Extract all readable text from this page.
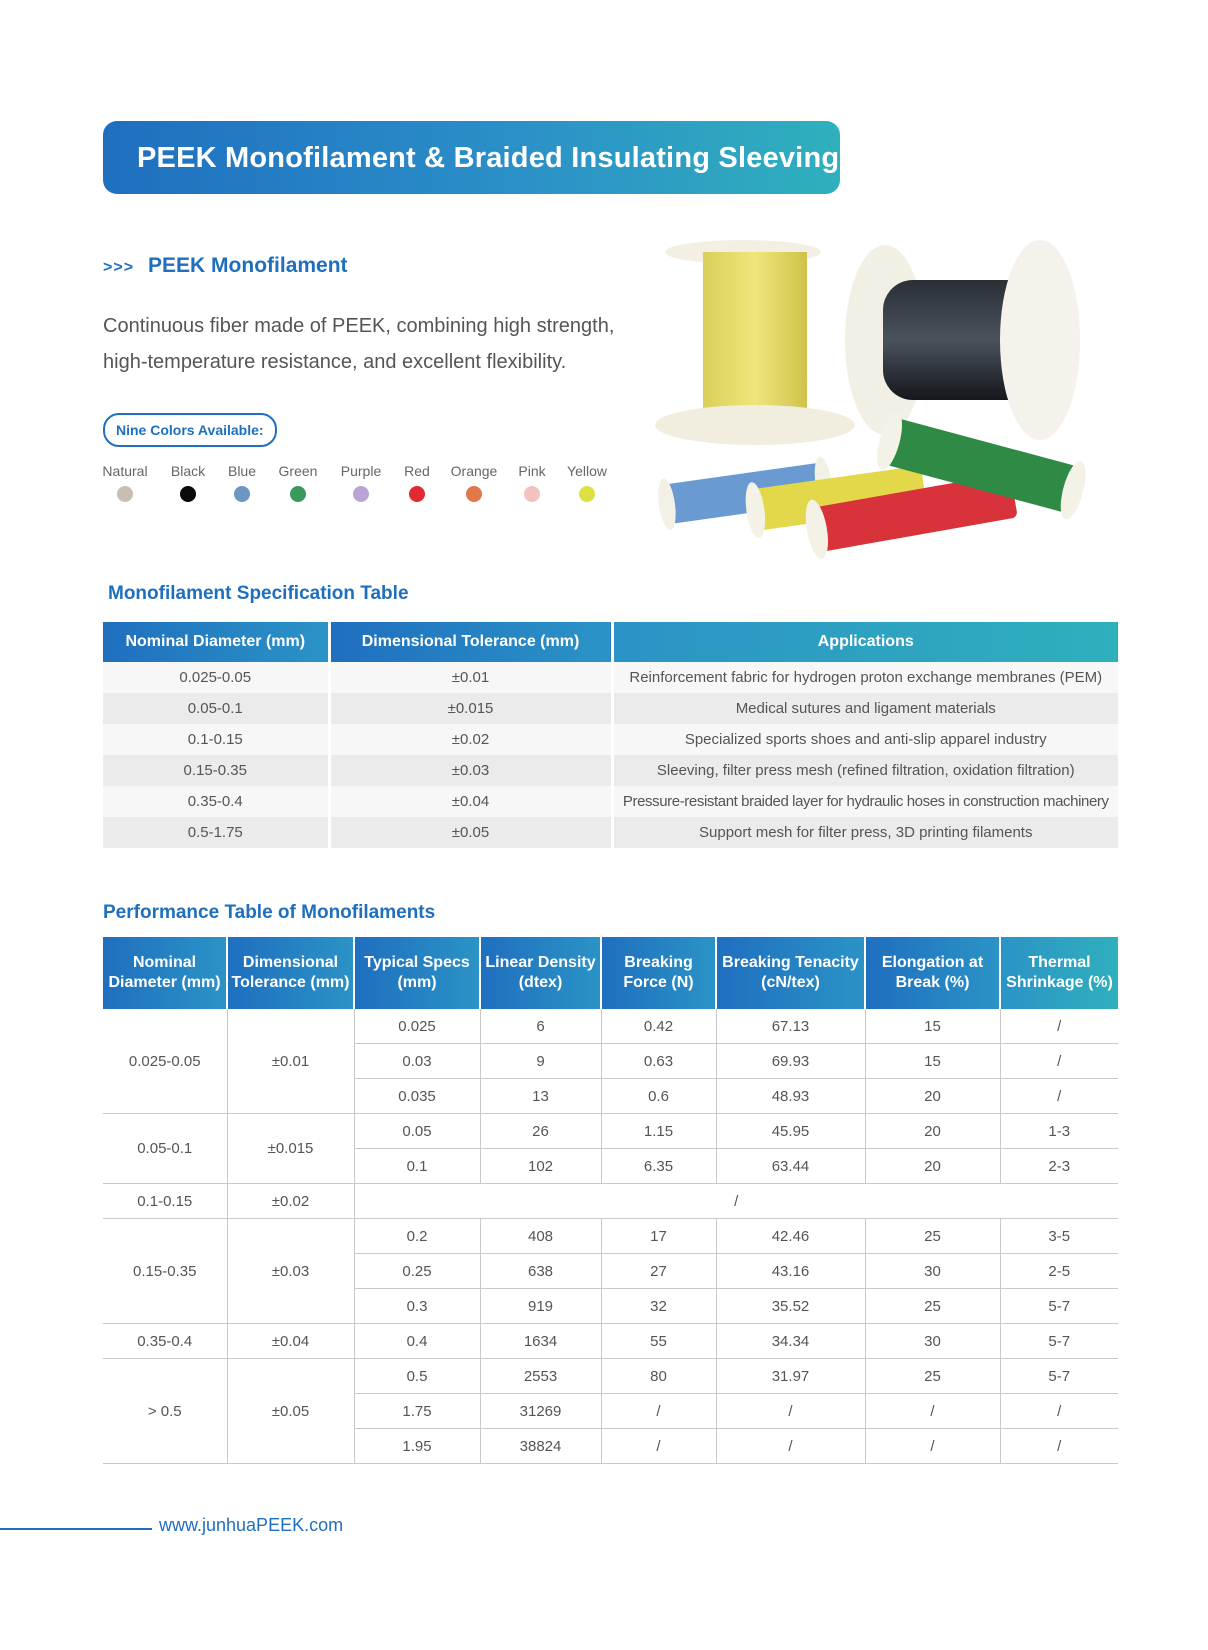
PEEK Monofilament & Braided Insulating Sleeving
>>> PEEK Monofilament
Continuous fiber made of PEEK, combining high strength, high-temperature resistance, and excellent flexibility.
Nine Colors Available:
Natural	Black	Blue	Green	Purple	Red	Orange	Pink	Yellow
Monofilament Specification Table
Nominal Diameter (mm)	Dimensional Tolerance (mm)	Applications
0.025-0.05	±0.01	Reinforcement fabric for hydrogen proton exchange membranes (PEM)
0.05-0.1	±0.015	Medical sutures and ligament materials
0.1-0.15	±0.02	Specialized sports shoes and anti-slip apparel industry
0.15-0.35	±0.03	Sleeving, filter press mesh (refined filtration, oxidation filtration)
0.35-0.4	±0.04	Pressure-resistant braided layer for hydraulic hoses in construction machinery
0.5-1.75	±0.05	Support mesh for filter press, 3D printing filaments
Performance Table of Monofilaments
Nominal Diameter (mm)	Dimensional Tolerance (mm)	Typical Specs (mm)	Linear Density (dtex)	Breaking Force (N)	Breaking Tenacity (cN/tex)	Elongation at Break (%)	Thermal Shrinkage (%)
0.025-0.05	±0.01	0.025	6	0.42	67.13	15	/
		0.03	9	0.63	69.93	15	/
		0.035	13	0.6	48.93	20	/
0.05-0.1	±0.015	0.05	26	1.15	45.95	20	1-3
		0.1	102	6.35	63.44	20	2-3
0.1-0.15	±0.02	/					
0.15-0.35	±0.03	0.2	408	17	42.46	25	3-5
		0.25	638	27	43.16	30	2-5
		0.3	919	32	35.52	25	5-7
0.35-0.4	±0.04	0.4	1634	55	34.34	30	5-7
> 0.5	±0.05	0.5	2553	80	31.97	25	5-7
		1.75	31269	/	/	/	/
		1.95	38824	/	/	/	/
www.junhuaPEEK.com
